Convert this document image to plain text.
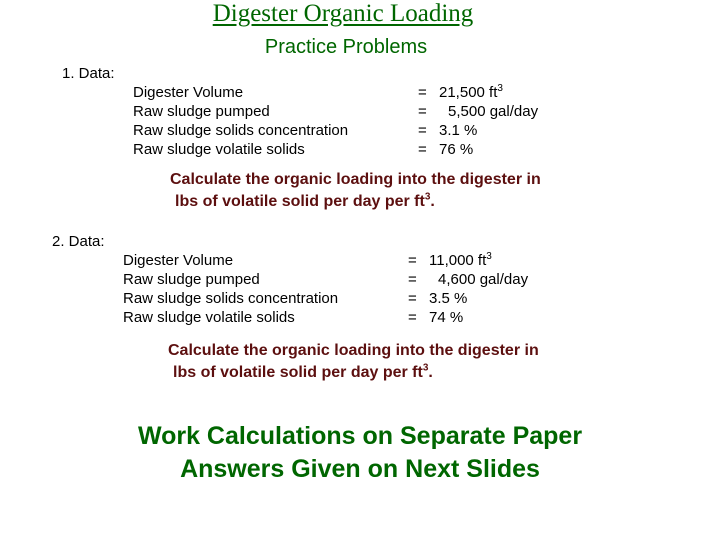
Digester Organic Loading
Practice Problems
1. Data:
Digester Volume	= 21,500 $ft^3$
Raw sludge pumped	= 5,500 gal/day
Raw sludge solids concentration	= 3.1 %
Raw sludge volatile solids	= 76 %
Calculate the organic loading into the digester in
lbs of volatile solid per day per $ft^3$.
2. Data:
Digester Volume	= 11,000 $ft^3$
Raw sludge pumped	= 4,600 gal/day
Raw sludge solids concentration	= 3.5 %
Raw sludge volatile solids	= 74 %
Calculate the organic loading into the digester in
lbs of volatile solid per day per $ft^3$.
Work Calculations on Separate Paper
Answers Given on Next Slides
